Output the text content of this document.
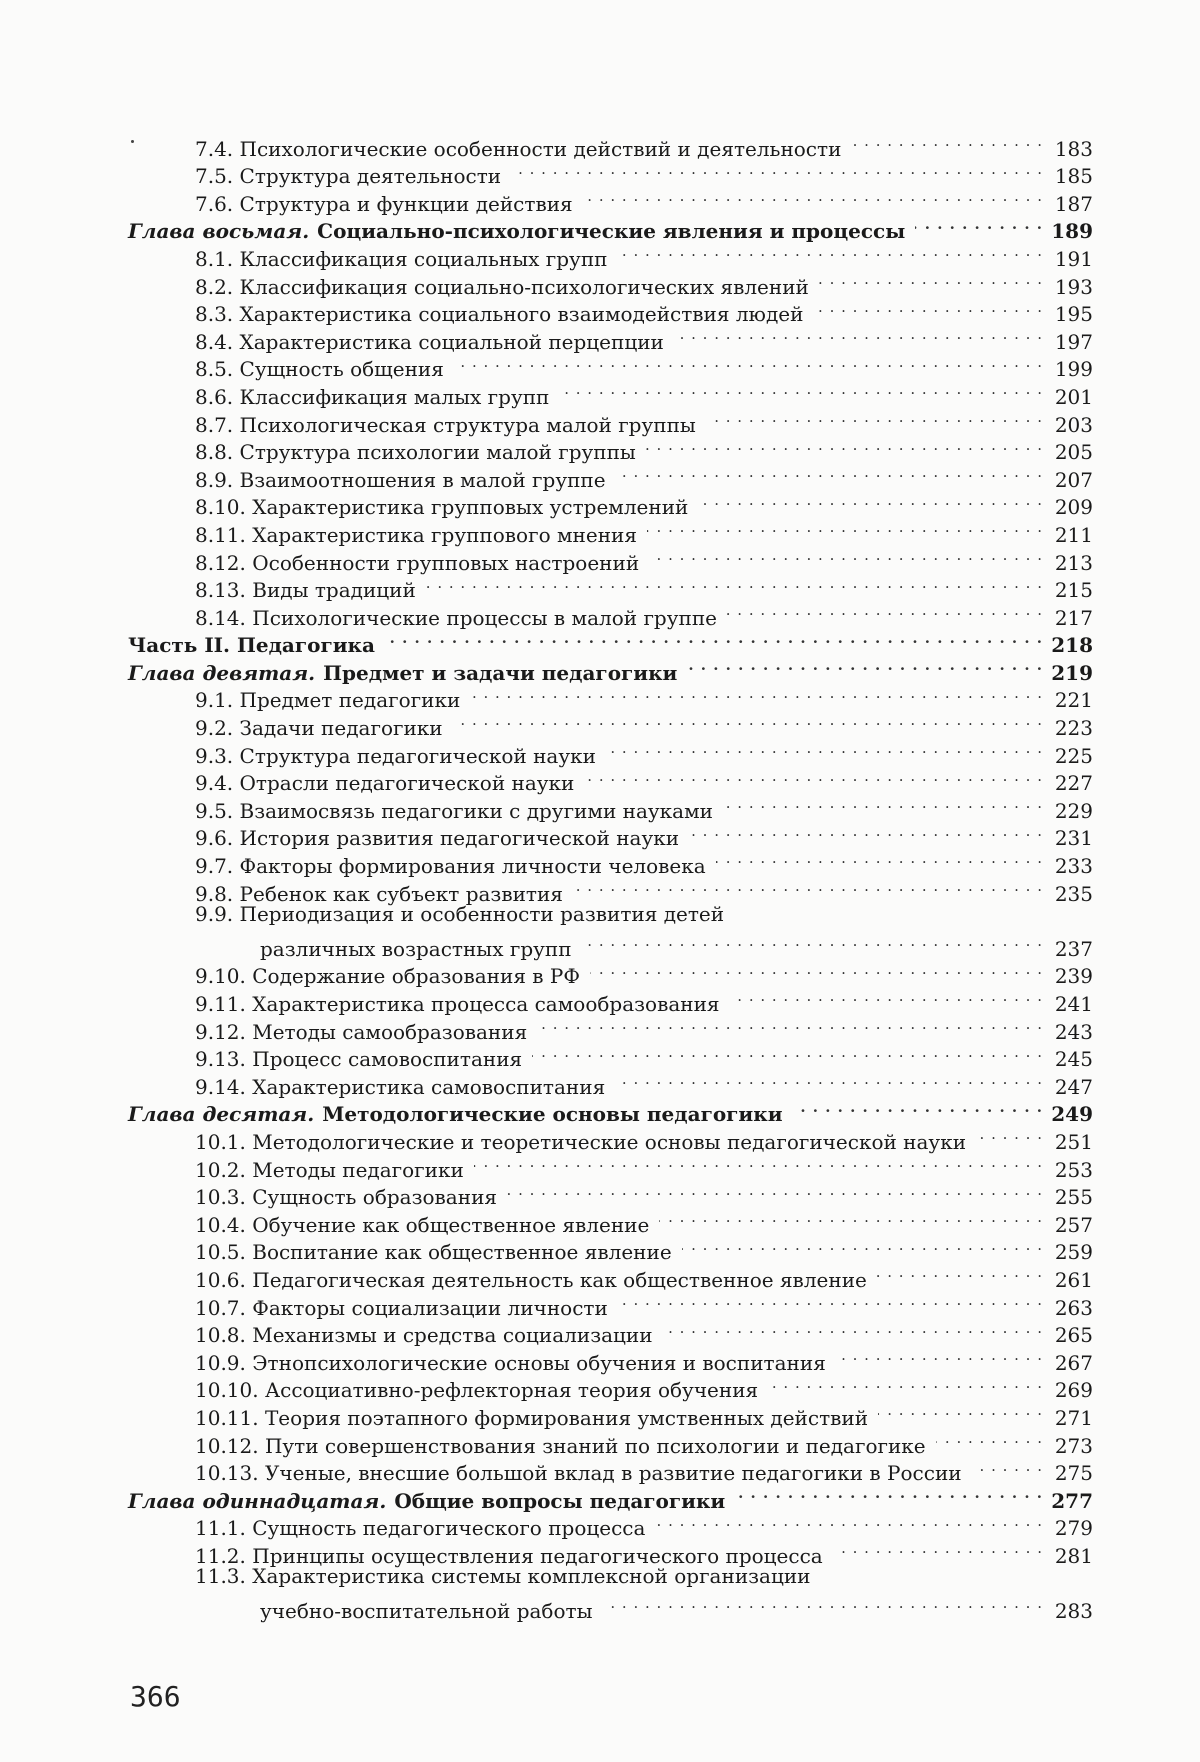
7.4. Психологические особенности действий и деятельности . . .	183
7.5. Структура деятельности . . .	185
7.6. Структура и функции действия . . .	187
Глава восьмая. Социально-психологические явления и процессы . . .	189
8.1. Классификация социальных групп . . .	191
8.2. Классификация социально-психологических явлений . . .	193
8.3. Характеристика социального взаимодействия людей . . .	195
8.4. Характеристика социальной перцепции . . .	197
8.5. Сущность общения . . .	199
8.6. Классификация малых групп . . .	201
8.7. Психологическая структура малой группы . . .	203
8.8. Структура психологии малой группы . . .	205
8.9. Взаимоотношения в малой группе . . .	207
8.10. Характеристика групповых устремлений . . .	209
8.11. Характеристика группового мнения . . .	211
8.12. Особенности групповых настроений . . .	213
8.13. Виды традиций . . .	215
8.14. Психологические процессы в малой группе . . .	217
Часть II. Педагогика . . .	218
Глава девятая. Предмет и задачи педагогики . . .	219
9.1. Предмет педагогики . . .	221
9.2. Задачи педагогики . . .	223
9.3. Структура педагогической науки . . .	225
9.4. Отрасли педагогической науки . . .	227
9.5. Взаимосвязь педагогики с другими науками . . .	229
9.6. История развития педагогической науки . . .	231
9.7. Факторы формирования личности человека . . .	233
9.8. Ребенок как субъект развития . . .	235
9.9. Периодизация и особенности развития детей
различных возрастных групп . . .	237
9.10. Содержание образования в РФ . . .	239
9.11. Характеристика процесса самообразования . . .	241
9.12. Методы самообразования . . .	243
9.13. Процесс самовоспитания . . .	245
9.14. Характеристика самовоспитания . . .	247
Глава десятая. Методологические основы педагогики . . .	249
10.1. Методологические и теоретические основы педагогической науки . . .	251
10.2. Методы педагогики . . .	253
10.3. Сущность образования . . .	255
10.4. Обучение как общественное явление . . .	257
10.5. Воспитание как общественное явление . . .	259
10.6. Педагогическая деятельность как общественное явление . . .	261
10.7. Факторы социализации личности . . .	263
10.8. Механизмы и средства социализации . . .	265
10.9. Этнопсихологические основы обучения и воспитания . . .	267
10.10. Ассоциативно-рефлекторная теория обучения . . .	269
10.11. Теория поэтапного формирования умственных действий . . .	271
10.12. Пути совершенствования знаний по психологии и педагогике . . .	273
10.13. Ученые, внесшие большой вклад в развитие педагогики в России . . .	275
Глава одиннадцатая. Общие вопросы педагогики . . .	277
11.1. Сущность педагогического процесса . . .	279
11.2. Принципы осуществления педагогического процесса . . .	281
11.3. Характеристика системы комплексной организации
учебно-воспитательной работы . . .	283
366
